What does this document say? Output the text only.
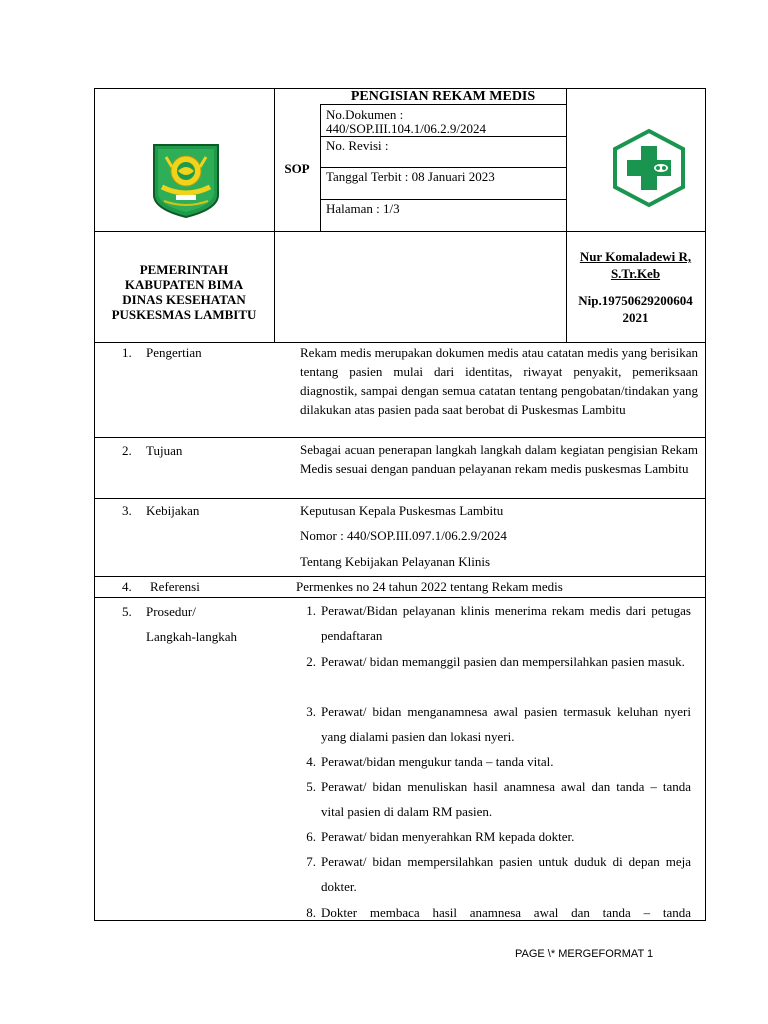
PENGISIAN REKAM MEDIS
SOP
No.Dokumen :
440/SOP.III.104.1/06.2.9/2024
No. Revisi :
Tanggal Terbit : 08 Januari 2023
Halaman : 1/3
PEMERINTAH
KABUPATEN BIMA
DINAS KESEHATAN
PUSKESMAS LAMBITU
Nur Komaladewi R,
S.Tr.Keb
Nip.19750629200604
2021
1. Pengertian	Rekam medis merupakan dokumen medis atau catatan medis yang berisikan tentang pasien mulai dari identitas, riwayat penyakit, pemeriksaan diagnostik, sampai dengan semua catatan tentang pengobatan/tindakan yang dilakukan atas pasien pada saat berobat di Puskesmas Lambitu
2. Tujuan	Sebagai acuan penerapan langkah langkah dalam kegiatan pengisian Rekam Medis sesuai dengan panduan pelayanan rekam medis puskesmas Lambitu
3. Kebijakan	Keputusan Kepala Puskesmas Lambitu
Nomor : 440/SOP.III.097.1/06.2.9/2024
Tentang Kebijakan Pelayanan Klinis
4. Referensi	Permenkes no 24 tahun 2022 tentang Rekam medis
5. Prosedur/
Langkah-langkah
1. Perawat/Bidan pelayanan klinis menerima rekam medis dari petugas pendaftaran
2. Perawat/ bidan memanggil pasien dan mempersilahkan pasien masuk.
3. Perawat/ bidan menganamnesa awal pasien termasuk keluhan nyeri yang dialami pasien dan lokasi nyeri.
4. Perawat/bidan mengukur tanda – tanda vital.
5. Perawat/ bidan menuliskan hasil anamnesa awal dan tanda – tanda vital pasien di dalam RM pasien.
6. Perawat/ bidan menyerahkan RM kepada dokter.
7. Perawat/ bidan mempersilahkan pasien untuk duduk di depan meja dokter.
8. Dokter membaca hasil anamnesa awal dan tanda – tanda
PAGE \* MERGEFORMAT 1
